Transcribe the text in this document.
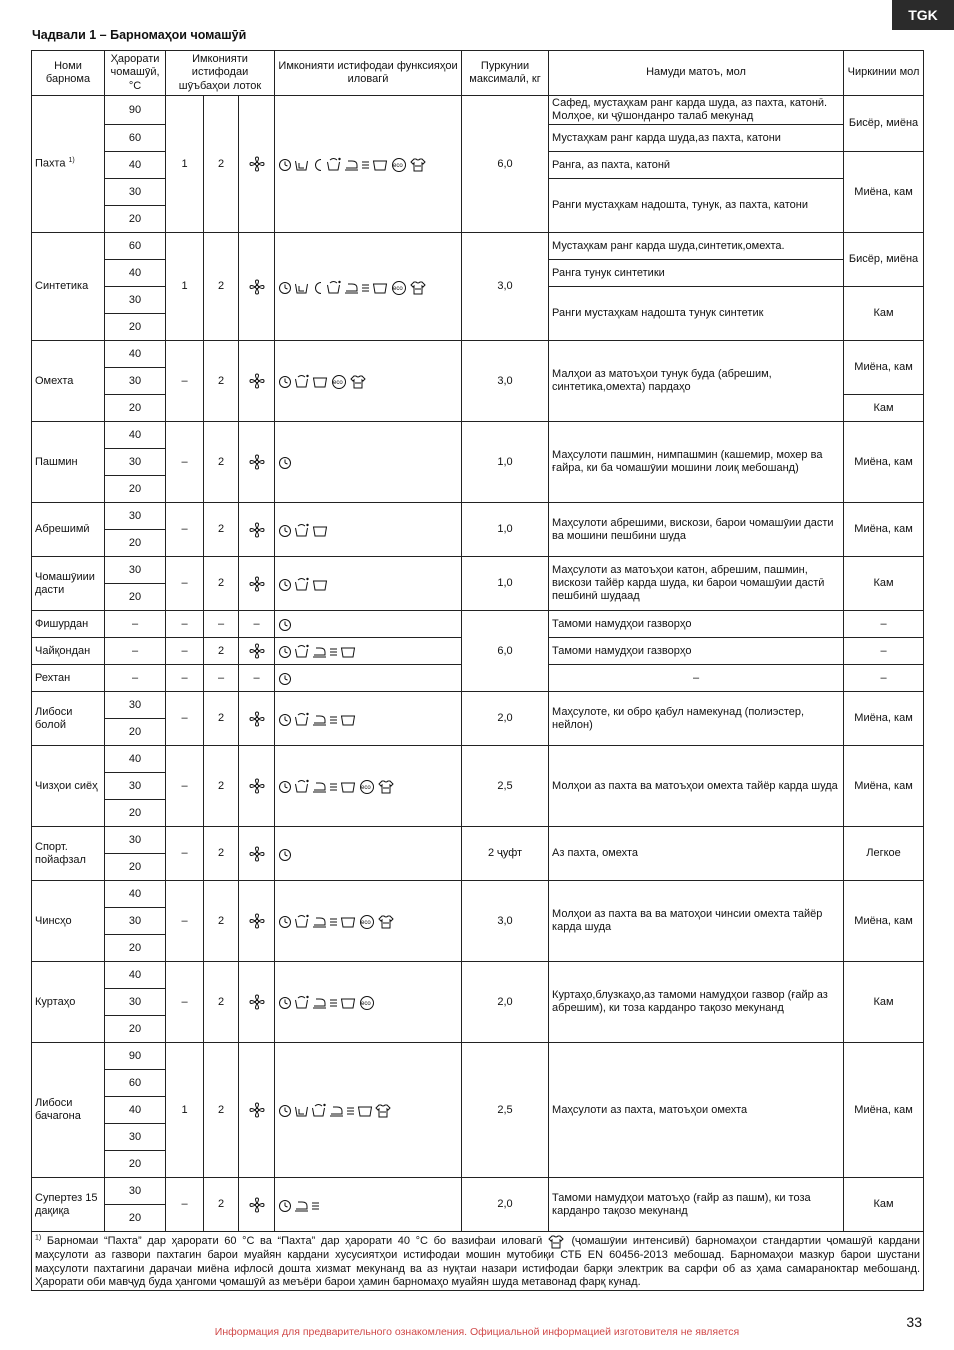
TGK
Чадвали 1 – Барномаҳои чомашӯӣ
Номи барнома	Ҳарорати чомашӯӣ, °C	Имконияти истифодаи шӯъбаҳои лоток			Имконияти истифодаи функсияҳои иловагӣ	Пуркунии максималӣ, кг	Намуди матоъ, мол	Чиркинии мол
Пахта $^{1)}$	90	1	2			6,0	Сафед, мустаҳкам ранг карда шуда, аз пахта, катонӣ. Молҳое, ки ҷӯшонданро талаб мекунад	Бисёр, миёна
	60						Мустаҳкам ранг карда шуда,аз пахта, катони	
	40						Ранга, аз пахта, катонӣ	Миёна, кам
	30						Ранги мустаҳкам надошта, тунук, аз пахта, катони	
	20							
Синтетика	60	1	2			3,0	Мустаҳкам ранг карда шуда,синтетик,омехта.	Бисёр, миёна
	40						Ранга тунук синтетики	
	30						Ранги мустаҳкам надошта тунук синтетик	Кам
	20							
Омехта	40	–	2			3,0	Малҳои аз матоъҳои тунук буда (абрешим, синтетика,омехта) пардаҳо	Миёна, кам
	30							
	20							Кам
Пашмин	40	–	2			1,0	Маҳсулоти пашмин, нимпашмин (кашемир, мохер ва ғайра, ки ба чомашӯии мошини лоиқ мебошанд)	Миёна, кам
	30							
	20							
Абрешимӣ	30	–	2			1,0	Маҳсулоти абрешими, вискози, барои чомашӯии дасти ва мошини пешбини шуда	Миёна, кам
	20							
Чомашӯиии дасти	30	–	2			1,0	Маҳсулоти аз матоъҳои катон, абрешим, пашмин, вискози тайёр карда шуда, ки барои чомашӯии дастӣ пешбинӣ шудаад	Кам
	20							
Фишурдан	–	–	–	–		6,0	Тамоми намудҳои газворҳо	–
Чайқондан	–	–	2				Тамоми намудҳои газворҳо	–
Рехтан	–	–	–	–			–	–
Либоси болой	30	–	2			2,0	Маҳсулоте, ки обро қабул намекунад (полиэстер, нейлон)	Миёна, кам
	20							
Чизҳои сиёҳ	40	–	2			2,5	Молҳои аз пахта ва матоъҳои омехта тайёр карда шуда	Миёна, кам
	30							
	20							
Спорт. пойафзал	30	–	2			2 ҷуфт	Аз пахта, омехта	Легкое
	20							
Чинсҳо	40	–	2			3,0	Молҳои аз пахта ва ва матоҳои чинсии омехта тайёр карда шуда	Миёна, кам
	30							
	20							
Куртаҳо	40	–	2			2,0	Куртаҳо,блузкаҳо,аз тамоми намудҳои газвор (ғайр аз абрешим), ки тоза карданро тақозо мекунанд	Кам
	30							
	20							
Либоси бачагона	90	1	2			2,5	Маҳсулоти аз пахта, матоъҳои омехта	Миёна, кам
	60							
	40							
	30							
	20							
Супертез 15 дақиқа	30	–	2			2,0	Тамоми намудҳои матоъҳо (ғайр аз пашм), ки тоза карданро тақозо мекунанд	Кам
	20							
$^{1)}$ Барномаи “Пахта” дар ҳарорати 60 °С ва “Пахта” дар ҳарорати 40 °С бо вазифаи иловагӣ (ҷомашӯии интенсивӣ) барномаҳои стандартии ҷомашӯӣ кардани маҳсулоти аз газвори пахтагин барои муайян кардани хусусиятҳои истифодаи мошин мутобиқи СТБ EN 60456-2013 мебошад. Барномаҳои мазкур барои шустани маҳсулоти пахтагини дарачаи миёна ифлосӣ дошта хизмат мекунанд ва аз нуқтаи назари истифодаи барқи электрик ва сарфи об аз ҳама самараноктар мебошанд. Ҳарорати оби мавҷуд буда ҳангоми ҷомашӯӣ аз меъёри барои ҳамин барномаҳо муайян шуда метавонад фарқ кунад.								
33
Информация для предварительного ознакомления. Официальной информацией изготовителя не является
